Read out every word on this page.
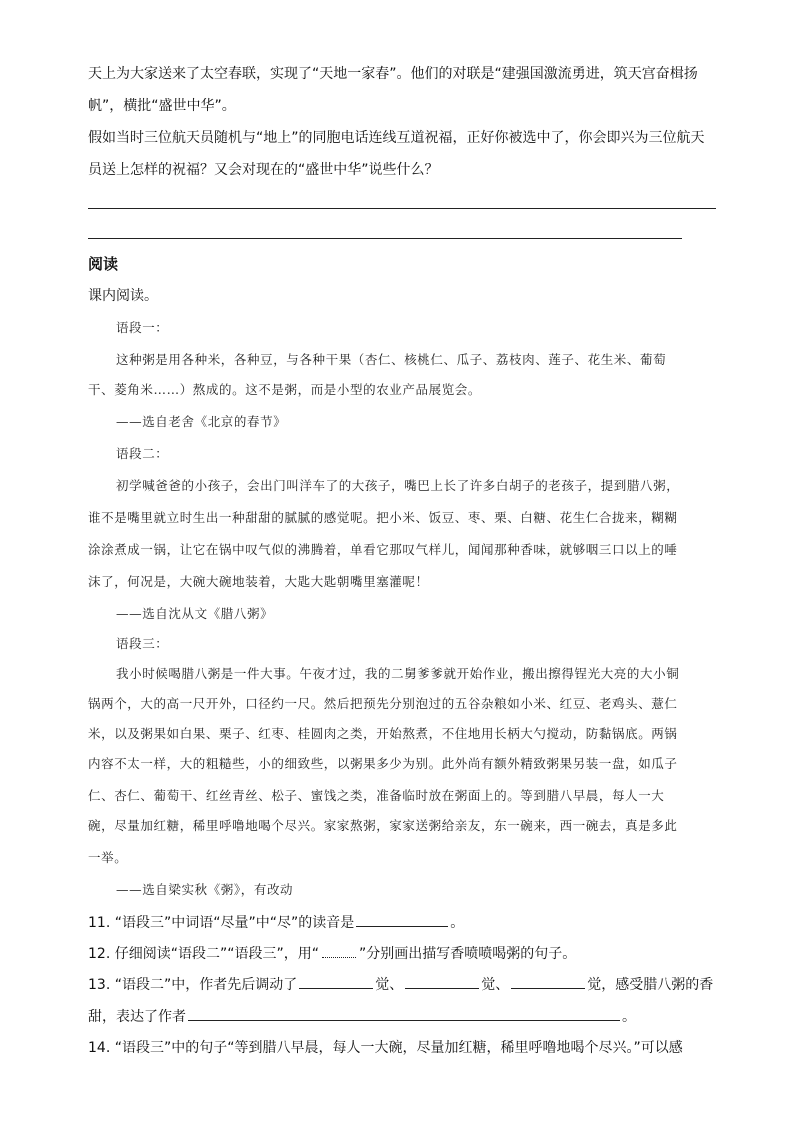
天上为大家送来了太空春联，实现了“天地一家春”。他们的对联是“建强国激流勇进，筑天宫奋楫扬
帆”，横批“盛世中华”。
假如当时三位航天员随机与“地上”的同胞电话连线互道祝福，正好你被选中了，你会即兴为三位航天
员送上怎样的祝福？又会对现在的“盛世中华”说些什么？
阅读
课内阅读。
语段一：
这种粥是用各种米，各种豆，与各种干果（杏仁、核桃仁、瓜子、荔枝肉、莲子、花生米、葡萄
干、菱角米……）熬成的。这不是粥，而是小型的农业产品展览会。
——选自老舍《北京的春节》
语段二：
初学喊爸爸的小孩子，会出门叫洋车了的大孩子，嘴巴上长了许多白胡子的老孩子，提到腊八粥，
谁不是嘴里就立时生出一种甜甜的腻腻的感觉呢。把小米、饭豆、枣、栗、白糖、花生仁合拢来，糊糊
涂涂煮成一锅，让它在锅中叹气似的沸腾着，单看它那叹气样儿，闻闻那种香味，就够咽三口以上的唾
沫了，何况是，大碗大碗地装着，大匙大匙朝嘴里塞灌呢！
——选自沈从文《腊八粥》
语段三：
我小时候喝腊八粥是一件大事。午夜才过，我的二舅爹爹就开始作业，搬出擦得锃光大亮的大小铜
锅两个，大的高一尺开外，口径约一尺。然后把预先分别泡过的五谷杂粮如小米、红豆、老鸡头、薏仁
米，以及粥果如白果、栗子、红枣、桂圆肉之类，开始熬煮，不住地用长柄大勺搅动，防黏锅底。两锅
内容不太一样，大的粗糙些，小的细致些，以粥果多少为别。此外尚有额外精致粥果另装一盘，如瓜子
仁、杏仁、葡萄干、红丝青丝、松子、蜜饯之类，准备临时放在粥面上的。等到腊八早晨，每人一大
碗，尽量加红糖，稀里呼噜地喝个尽兴。家家熬粥，家家送粥给亲友，东一碗来，西一碗去，真是多此
一举。
——选自梁实秋《粥》，有改动
11. “语段三”中词语“尽量”中“尽”的读音是	。
12. 仔细阅读“语段二”“语段三”，用“	”分别画出描写香喷喷喝粥的句子。
13. “语段二”中，作者先后调动了	觉、	觉、	觉，感受腊八粥的香
甜，表达了作者	。
14. “语段三”中的句子“等到腊八早晨，每人一大碗，尽量加红糖，稀里呼噜地喝个尽兴。”可以感
